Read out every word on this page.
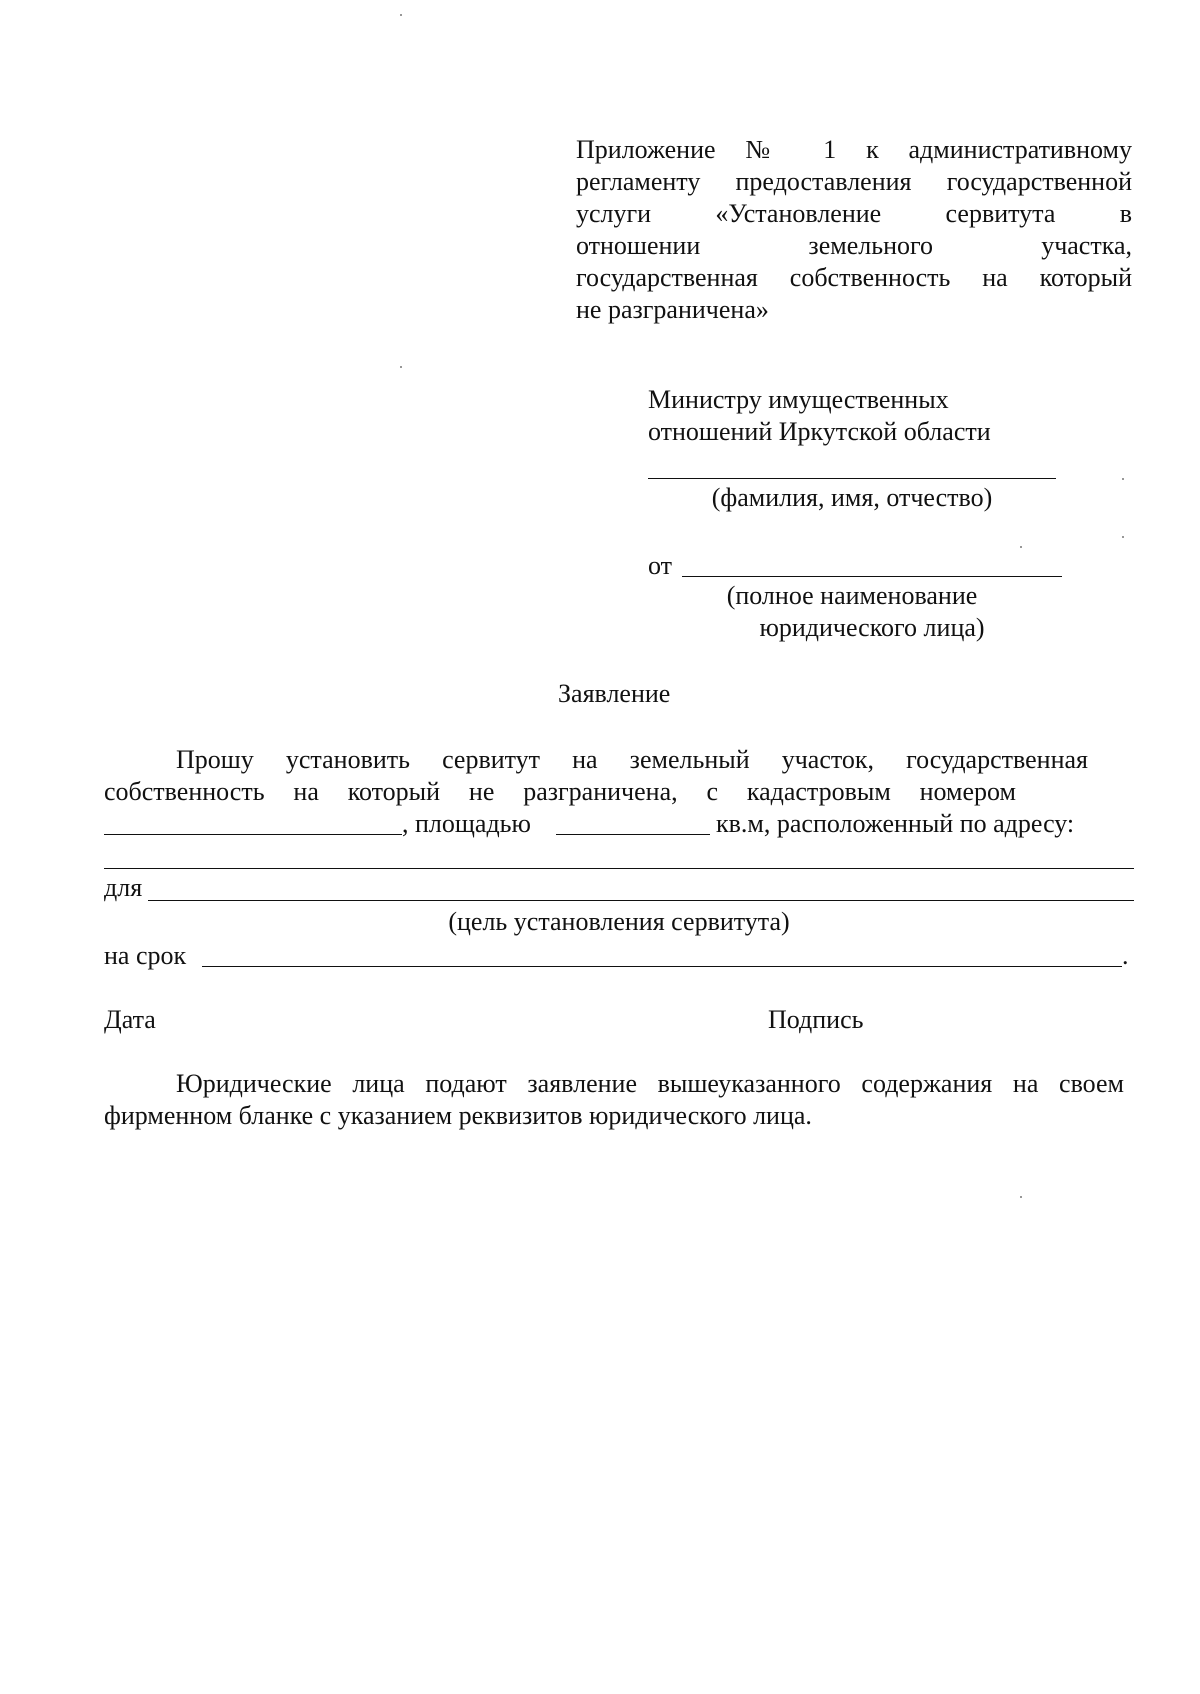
Приложение № 1 к административному
регламенту предоставления государственной
услуги «Установление сервитута в
отношении земельного участка,
государственная собственность на который
не разграничена»
Министру имущественных
отношений Иркутской области
(фамилия, имя, отчество)
от
(полное наименование
юридического лица)
Заявление
Прошу установить сервитут на земельный участок, государственная
собственность на который не разграничена, с кадастровым номером
, площадью	кв.м, расположенный по адресу:
для
(цель установления сервитута)
на срок	.
Дата	Подпись
Юридические лица подают заявление вышеуказанного содержания на своем
фирменном бланке с указанием реквизитов юридического лица.
